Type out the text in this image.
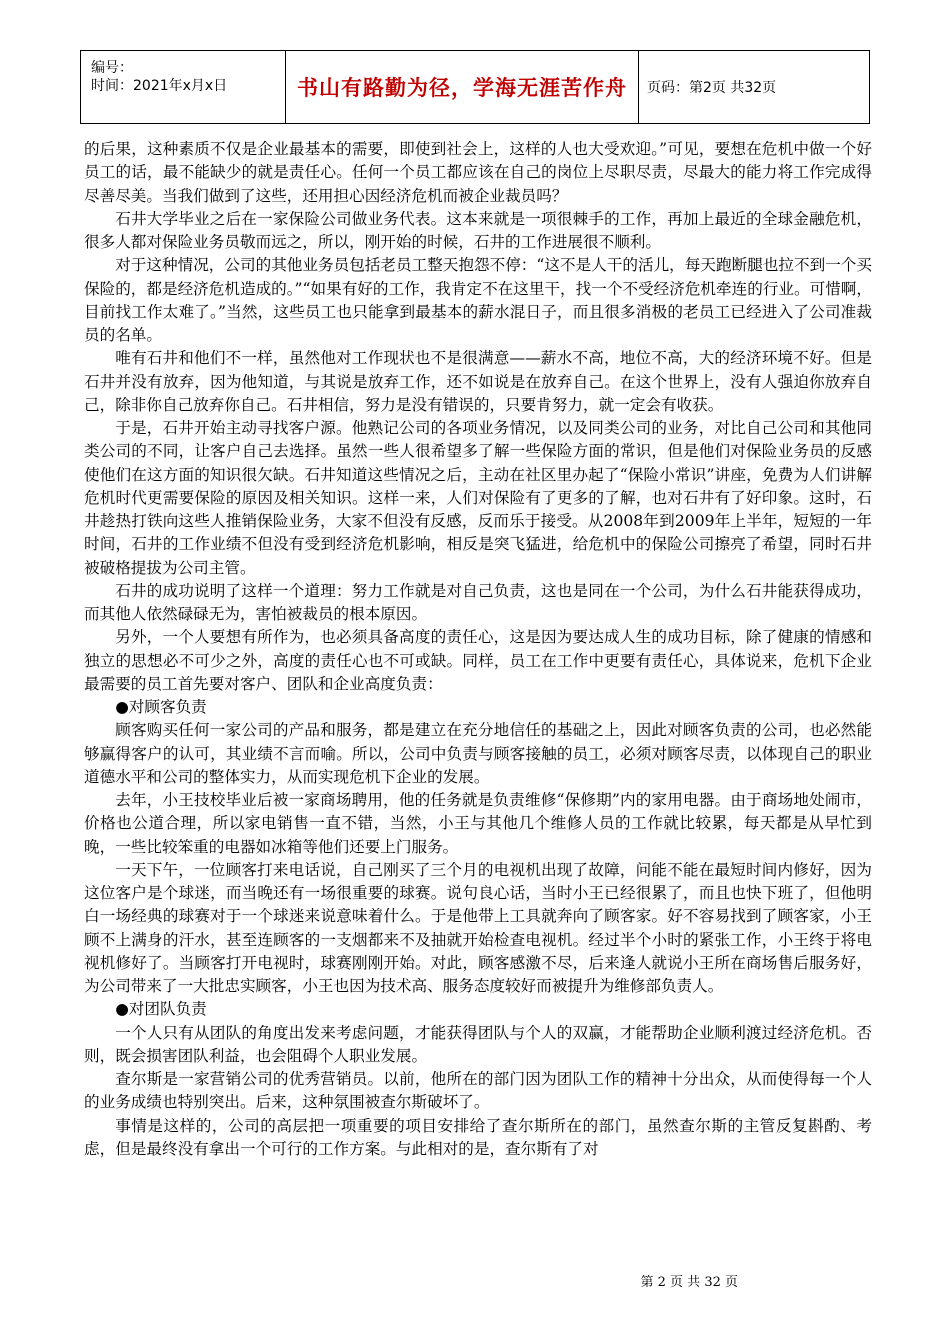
编号：
时间：2021年x月x日	书山有路勤为径，学海无涯苦作舟	页码：第2页 共32页

的后果，这种素质不仅是企业最基本的需要，即使到社会上，这样的人也大受欢迎。”可见，要想在危机中做一个好员工的话，最不能缺少的就是责任心。任何一个员工都应该在自己的岗位上尽职尽责，尽最大的能力将工作完成得尽善尽美。当我们做到了这些，还用担心因经济危机而被企业裁员吗？

石井大学毕业之后在一家保险公司做业务代表。这本来就是一项很棘手的工作，再加上最近的全球金融危机，很多人都对保险业务员敬而远之，所以，刚开始的时候，石井的工作进展很不顺利。

对于这种情况，公司的其他业务员包括老员工整天抱怨不停：“这不是人干的活儿，每天跑断腿也拉不到一个买保险的，都是经济危机造成的。”“如果有好的工作，我肯定不在这里干，找一个不受经济危机牵连的行业。可惜啊，目前找工作太难了。”当然，这些员工也只能拿到最基本的薪水混日子，而且很多消极的老员工已经进入了公司准裁员的名单。

唯有石井和他们不一样，虽然他对工作现状也不是很满意——薪水不高，地位不高，大的经济环境不好。但是石井并没有放弃，因为他知道，与其说是放弃工作，还不如说是在放弃自己。在这个世界上，没有人强迫你放弃自己，除非你自己放弃你自己。石井相信，努力是没有错误的，只要肯努力，就一定会有收获。

于是，石井开始主动寻找客户源。他熟记公司的各项业务情况，以及同类公司的业务，对比自己公司和其他同类公司的不同，让客户自己去选择。虽然一些人很希望多了解一些保险方面的常识，但是他们对保险业务员的反感使他们在这方面的知识很欠缺。石井知道这些情况之后，主动在社区里办起了“保险小常识”讲座，免费为人们讲解危机时代更需要保险的原因及相关知识。这样一来，人们对保险有了更多的了解，也对石井有了好印象。这时，石井趁热打铁向这些人推销保险业务，大家不但没有反感，反而乐于接受。从2008年到2009年上半年，短短的一年时间，石井的工作业绩不但没有受到经济危机影响，相反是突飞猛进，给危机中的保险公司擦亮了希望，同时石井被破格提拔为公司主管。

石井的成功说明了这样一个道理：努力工作就是对自己负责，这也是同在一个公司，为什么石井能获得成功，而其他人依然碌碌无为，害怕被裁员的根本原因。

另外，一个人要想有所作为，也必须具备高度的责任心，这是因为要达成人生的成功目标，除了健康的情感和独立的思想必不可少之外，高度的责任心也不可或缺。同样，员工在工作中更要有责任心，具体说来，危机下企业最需要的员工首先要对客户、团队和企业高度负责：

●对顾客负责

顾客购买任何一家公司的产品和服务，都是建立在充分地信任的基础之上，因此对顾客负责的公司，也必然能够赢得客户的认可，其业绩不言而喻。所以，公司中负责与顾客接触的员工，必须对顾客尽责，以体现自己的职业道德水平和公司的整体实力，从而实现危机下企业的发展。

去年，小王技校毕业后被一家商场聘用，他的任务就是负责维修“保修期”内的家用电器。由于商场地处闹市，价格也公道合理，所以家电销售一直不错，当然，小王与其他几个维修人员的工作就比较累，每天都是从早忙到晚，一些比较笨重的电器如冰箱等他们还要上门服务。

一天下午，一位顾客打来电话说，自己刚买了三个月的电视机出现了故障，问能不能在最短时间内修好，因为这位客户是个球迷，而当晚还有一场很重要的球赛。说句良心话，当时小王已经很累了，而且也快下班了，但他明白一场经典的球赛对于一个球迷来说意味着什么。于是他带上工具就奔向了顾客家。好不容易找到了顾客家，小王顾不上满身的汗水，甚至连顾客的一支烟都来不及抽就开始检查电视机。经过半个小时的紧张工作，小王终于将电视机修好了。当顾客打开电视时，球赛刚刚开始。对此，顾客感激不尽，后来逢人就说小王所在商场售后服务好，为公司带来了一大批忠实顾客，小王也因为技术高、服务态度较好而被提升为维修部负责人。

●对团队负责

一个人只有从团队的角度出发来考虑问题，才能获得团队与个人的双赢，才能帮助企业顺利渡过经济危机。否则，既会损害团队利益，也会阻碍个人职业发展。

查尔斯是一家营销公司的优秀营销员。以前，他所在的部门因为团队工作的精神十分出众，从而使得每一个人的业务成绩也特别突出。后来，这种氛围被查尔斯破坏了。

事情是这样的，公司的高层把一项重要的项目安排给了查尔斯所在的部门，虽然查尔斯的主管反复斟酌、考虑，但是最终没有拿出一个可行的工作方案。与此相对的是，查尔斯有了对

第 2 页 共 32 页
